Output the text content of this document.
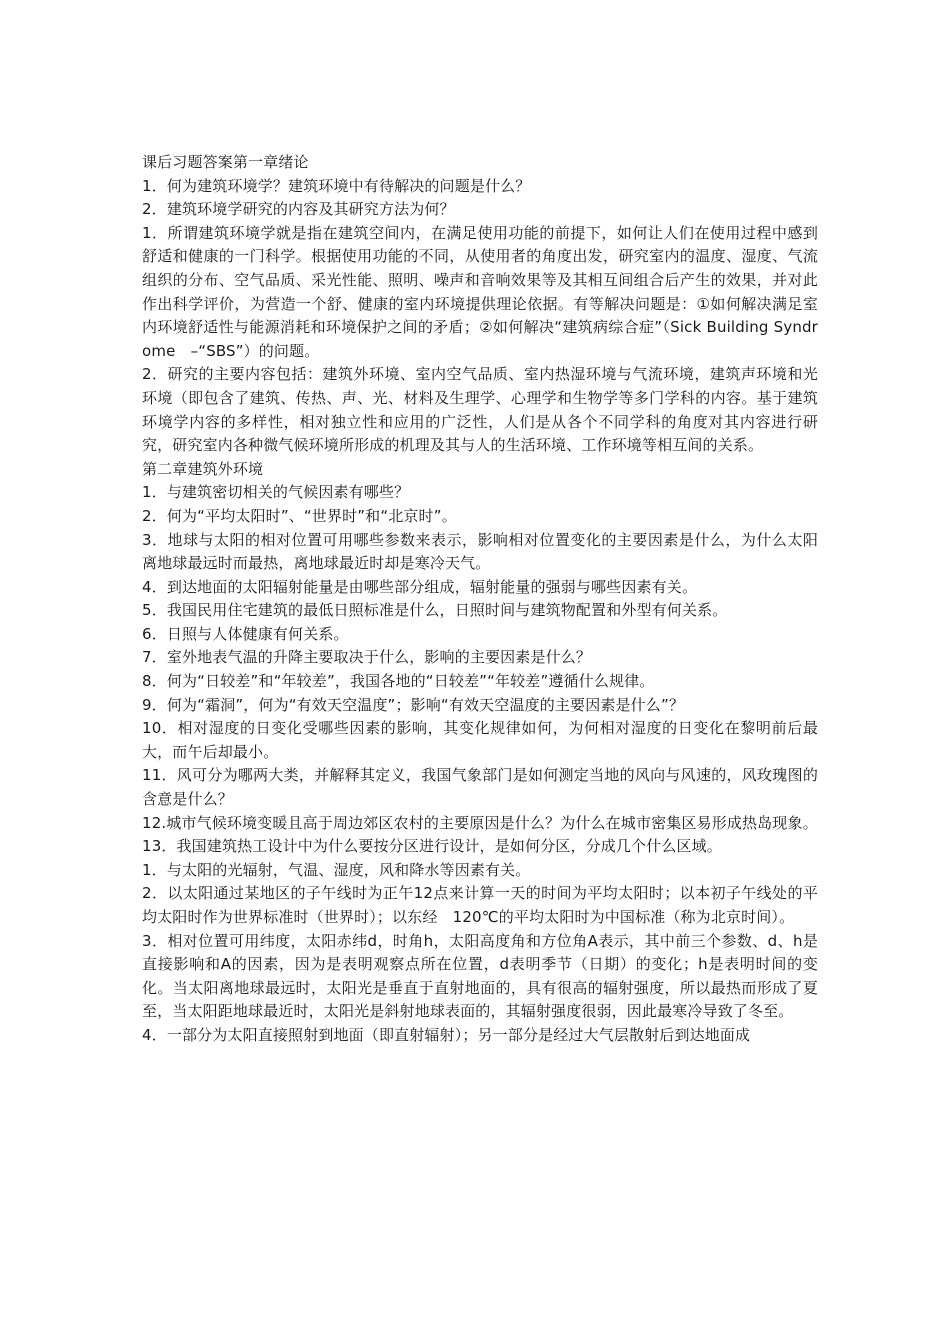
课后习题答案第一章绪论

1．何为建筑环境学？建筑环境中有待解决的问题是什么？

2．建筑环境学研究的内容及其研究方法为何？

1．所谓建筑环境学就是指在建筑空间内，在满足使用功能的前提下，如何让人们在使用过程中感到舒适和健康的一门科学。根据使用功能的不同，从使用者的角度出发，研究室内的温度、湿度、气流组织的分布、空气品质、采光性能、照明、噪声和音响效果等及其相互间组合后产生的效果，并对此作出科学评价，为营造一个舒、健康的室内环境提供理论依据。有等解决问题是：①如何解决满足室内环境舒适性与能源消耗和环境保护之间的矛盾；②如何解决“建筑病综合症”（Sick Building Syndrome　–“SBS”）的问题。

2．研究的主要内容包括：建筑外环境、室内空气品质、室内热湿环境与气流环境，建筑声环境和光环境（即包含了建筑、传热、声、光、材料及生理学、心理学和生物学等多门学科的内容。基于建筑环境学内容的多样性，相对独立性和应用的广泛性，人们是从各个不同学科的角度对其内容进行研究，研究室内各种微气候环境所形成的机理及其与人的生活环境、工作环境等相互间的关系。

第二章建筑外环境

1．与建筑密切相关的气候因素有哪些？

2．何为“平均太阳时”、“世界时”和“北京时”。

3．地球与太阳的相对位置可用哪些参数来表示，影响相对位置变化的主要因素是什么，为什么太阳离地球最远时而最热，离地球最近时却是寒冷天气。

4．到达地面的太阳辐射能量是由哪些部分组成，辐射能量的强弱与哪些因素有关。

5．我国民用住宅建筑的最低日照标准是什么，日照时间与建筑物配置和外型有何关系。

6．日照与人体健康有何关系。

7．室外地表气温的升降主要取决于什么，影响的主要因素是什么？

8．何为“日较差”和“年较差”，我国各地的“日较差”“年较差”遵循什么规律。

9．何为“霜洞”，何为“有效天空温度”；影响“有效天空温度的主要因素是什么”？

10．相对湿度的日变化受哪些因素的影响，其变化规律如何，为何相对湿度的日变化在黎明前后最大，而午后却最小。

11．风可分为哪两大类，并解释其定义，我国气象部门是如何测定当地的风向与风速的，风玫瑰图的含意是什么？

12.城市气候环境变暖且高于周边郊区农村的主要原因是什么？为什么在城市密集区易形成热岛现象。

13．我国建筑热工设计中为什么要按分区进行设计，是如何分区，分成几个什么区域。

1．与太阳的光辐射，气温、湿度，风和降水等因素有关。

2．以太阳通过某地区的子午线时为正午12点来计算一天的时间为平均太阳时；以本初子午线处的平均太阳时作为世界标准时（世界时）；以东经　120℃的平均太阳时为中国标准（称为北京时间）。

3．相对位置可用纬度，太阳赤纬d，时角h，太阳高度角和方位角A表示，其中前三个参数、d、h是直接影响和A的因素，因为是表明观察点所在位置，d表明季节（日期）的变化；h是表明时间的变化。当太阳离地球最远时，太阳光是垂直于直射地面的，具有很高的辐射强度，所以最热而形成了夏至，当太阳距地球最近时，太阳光是斜射地球表面的，其辐射强度很弱，因此最寒冷导致了冬至。

4．一部分为太阳直接照射到地面（即直射辐射）；另一部分是经过大气层散射后到达地面成
